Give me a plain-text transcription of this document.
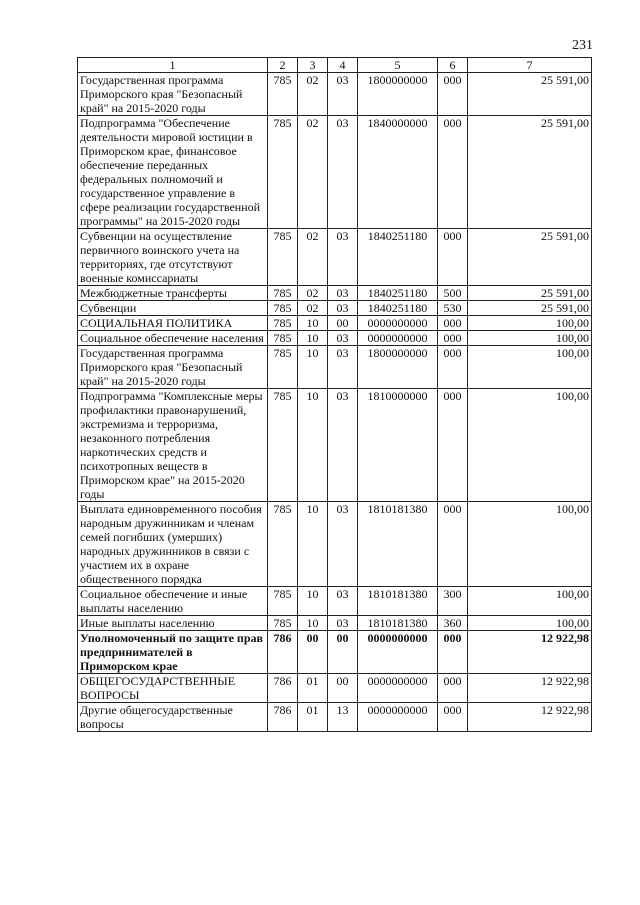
231
1	2	3	4	5	6	7
Государственная программа Приморского края "Безопасный край" на 2015-2020 годы	785	02	03	1800000000	000	25 591,00
Подпрограмма "Обеспечение деятельности мировой юстиции в Приморском крае, финансовое обеспечение переданных федеральных полномочий и государственное управление в сфере реализации государственной программы" на 2015-2020 годы	785	02	03	1840000000	000	25 591,00
Субвенции на осуществление первичного воинского учета на территориях, где отсутствуют военные комиссариаты	785	02	03	1840251180	000	25 591,00
Межбюджетные трансферты	785	02	03	1840251180	500	25 591,00
Субвенции	785	02	03	1840251180	530	25 591,00
СОЦИАЛЬНАЯ ПОЛИТИКА	785	10	00	0000000000	000	100,00
Социальное обеспечение населения	785	10	03	0000000000	000	100,00
Государственная программа Приморского края "Безопасный край" на 2015-2020 годы	785	10	03	1800000000	000	100,00
Подпрограмма "Комплексные меры профилактики правонарушений, экстремизма и терроризма, незаконного потребления наркотических средств и психотропных веществ в Приморском крае" на 2015-2020 годы	785	10	03	1810000000	000	100,00
Выплата единовременного пособия народным дружинникам и членам семей погибших (умерших) народных дружинников в связи с участием их в охране общественного порядка	785	10	03	1810181380	000	100,00
Социальное обеспечение и иные выплаты населению	785	10	03	1810181380	300	100,00
Иные выплаты населению	785	10	03	1810181380	360	100,00
Уполномоченный по защите прав предпринимателей в Приморском крае	786	00	00	0000000000	000	12 922,98
ОБЩЕГОСУДАРСТВЕННЫЕ ВОПРОСЫ	786	01	00	0000000000	000	12 922,98
Другие общегосударственные вопросы	786	01	13	0000000000	000	12 922,98
